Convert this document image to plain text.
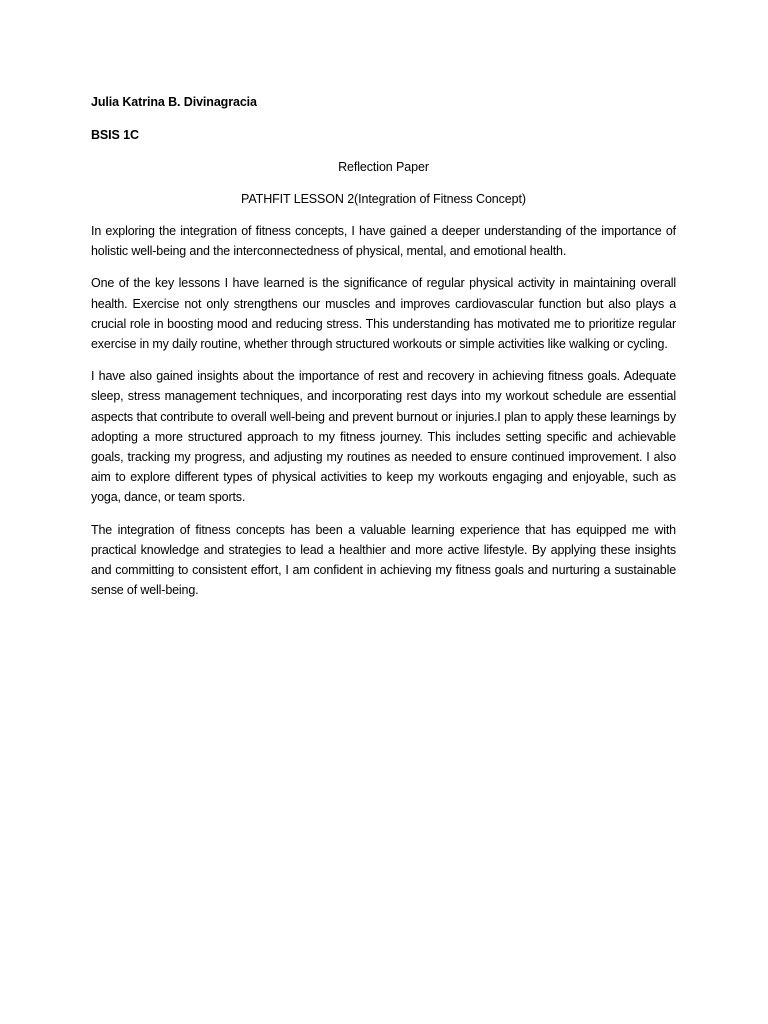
Julia Katrina B. Divinagracia

BSIS 1C

Reflection Paper

PATHFIT LESSON 2(Integration of Fitness Concept)

In exploring the integration of fitness concepts, I have gained a deeper understanding of the importance of holistic well-being and the interconnectedness of physical, mental, and emotional health.

One of the key lessons I have learned is the significance of regular physical activity in maintaining overall health. Exercise not only strengthens our muscles and improves cardiovascular function but also plays a crucial role in boosting mood and reducing stress. This understanding has motivated me to prioritize regular exercise in my daily routine, whether through structured workouts or simple activities like walking or cycling.

I have also gained insights about the importance of rest and recovery in achieving fitness goals. Adequate sleep, stress management techniques, and incorporating rest days into my workout schedule are essential aspects that contribute to overall well-being and prevent burnout or injuries.I plan to apply these learnings by adopting a more structured approach to my fitness journey. This includes setting specific and achievable goals, tracking my progress, and adjusting my routines as needed to ensure continued improvement. I also aim to explore different types of physical activities to keep my workouts engaging and enjoyable, such as yoga, dance, or team sports.

The integration of fitness concepts has been a valuable learning experience that has equipped me with practical knowledge and strategies to lead a healthier and more active lifestyle. By applying these insights and committing to consistent effort, I am confident in achieving my fitness goals and nurturing a sustainable sense of well-being.
